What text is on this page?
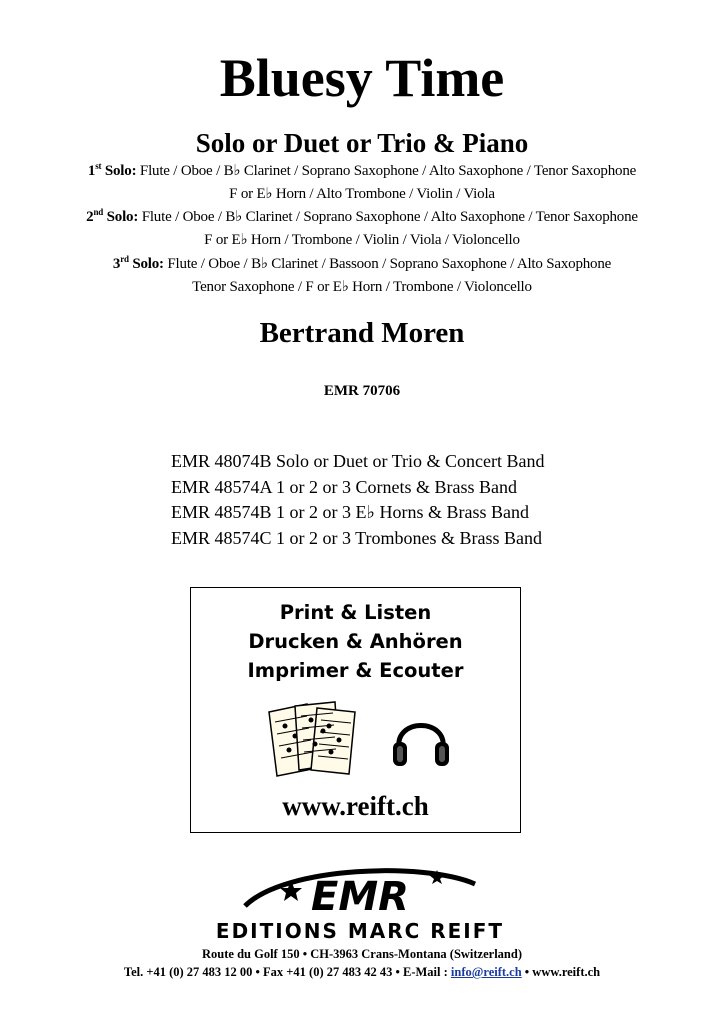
Bluesy Time
Solo or Duet or Trio & Piano
1st Solo: Flute / Oboe / B♭ Clarinet / Soprano Saxophone / Alto Saxophone / Tenor Saxophone
F or E♭ Horn / Alto Trombone / Violin / Viola
2nd Solo: Flute / Oboe / B♭ Clarinet / Soprano Saxophone / Alto Saxophone / Tenor Saxophone
F or E♭ Horn / Trombone / Violin / Viola / Violoncello
3rd Solo: Flute / Oboe / B♭ Clarinet / Bassoon / Soprano Saxophone / Alto Saxophone
Tenor Saxophone / F or E♭ Horn / Trombone / Violoncello
Bertrand Moren
EMR 70706
EMR 48074B Solo or Duet or Trio & Concert Band
EMR 48574A 1 or 2 or 3 Cornets & Brass Band
EMR 48574B 1 or 2 or 3 E♭ Horns & Brass Band
EMR 48574C 1 or 2 or 3 Trombones & Brass Band
Print & Listen
Drucken & Anhören
Imprimer & Ecouter
www.reift.ch
EMR
EDITIONS MARC REIFT
Route du Golf 150 • CH-3963 Crans-Montana (Switzerland)
Tel. +41 (0) 27 483 12 00 • Fax +41 (0) 27 483 42 43 • E-Mail : info@reift.ch • www.reift.ch
